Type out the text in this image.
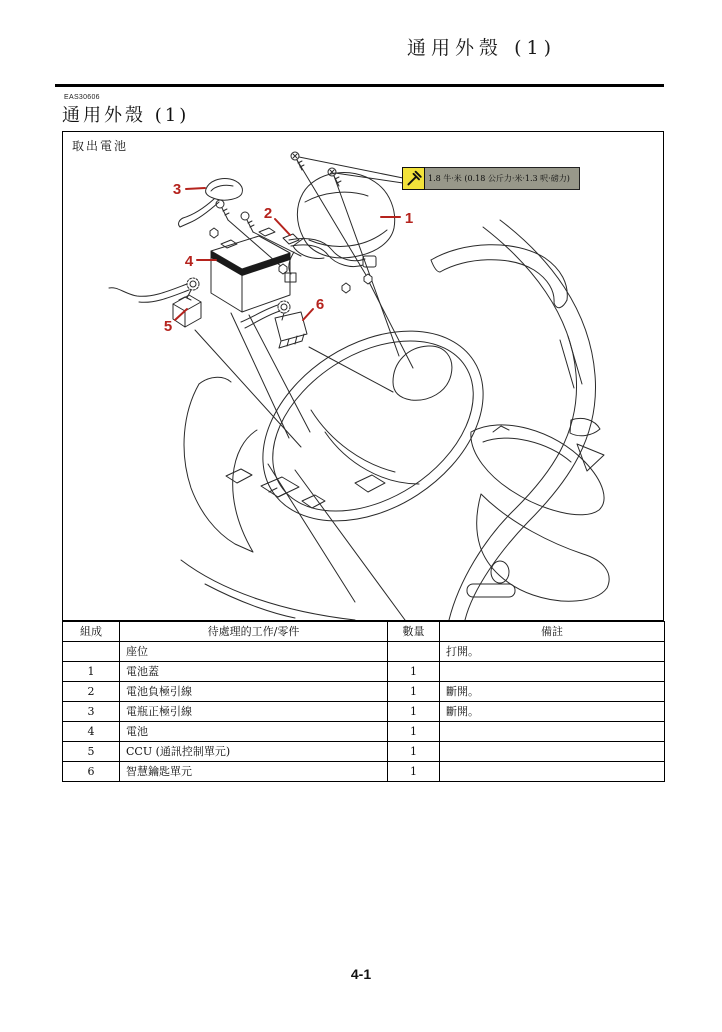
通用外殼 (1)
EAS30606
通用外殼 (1)
取出電池
1.8 牛·米 (0.18 公斤力·米·1.3 呎·磅力)
1
2
3
4
5
6
組成	待處理的工作/零件	數量	備註
	座位		打開。
1	電池蓋	1	
2	電池負極引線	1	斷開。
3	電瓶正極引線	1	斷開。
4	電池	1	
5	CCU (通訊控制單元)	1	
6	智慧鑰匙單元	1	
4-1
